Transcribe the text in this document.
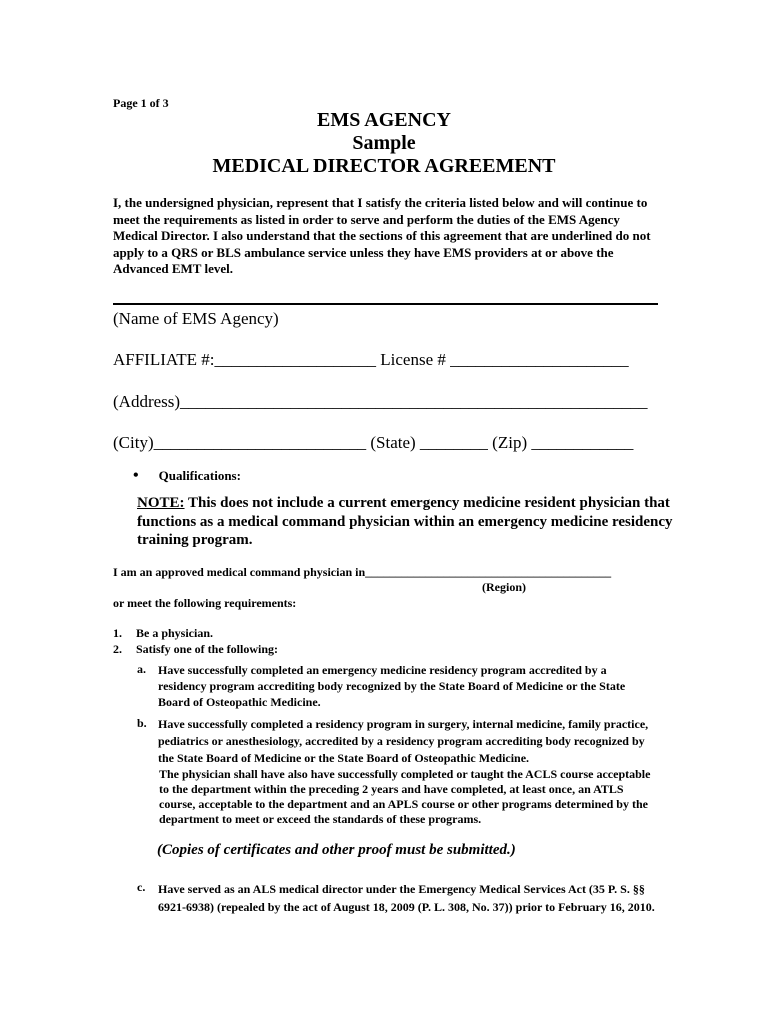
Page 1 of 3
EMS AGENCY
Sample
MEDICAL DIRECTOR AGREEMENT

I, the undersigned physician, represent that I satisfy the criteria listed below and will continue to meet the requirements as listed in order to serve and perform the duties of the EMS Agency Medical Director. I also understand that the sections of this agreement that are underlined do not apply to a QRS or BLS ambulance service unless they have EMS providers at or above the Advanced EMT level.

(Name of EMS Agency)
AFFILIATE #:___________________ License # _____________________
(Address)_______________________________________________________
(City)_________________________ (State) ________ (Zip) ____________
• Qualifications:

NOTE: This does not include a current emergency medicine resident physician that functions as a medical command physician within an emergency medicine residency training program.

I am an approved medical command physician in_________________________________________
(Region)
or meet the following requirements:
1. Be a physician.
2. Satisfy one of the following:
a. Have successfully completed an emergency medicine residency program accredited by a residency program accrediting body recognized by the State Board of Medicine or the State Board of Osteopathic Medicine.

b. Have successfully completed a residency program in surgery, internal medicine, family practice, pediatrics or anesthesiology, accredited by a residency program accrediting body recognized by the State Board of Medicine or the State Board of Osteopathic Medicine.

The physician shall have also have successfully completed or taught the ACLS course acceptable to the department within the preceding 2 years and have completed, at least once, an ATLS course, acceptable to the department and an APLS course or other programs determined by the department to meet or exceed the standards of these programs.

(Copies of certificates and other proof must be submitted.)

c. Have served as an ALS medical director under the Emergency Medical Services Act (35 P. S. §§ 6921-6938) (repealed by the act of August 18, 2009 (P. L. 308, No. 37)) prior to February 16, 2010.
